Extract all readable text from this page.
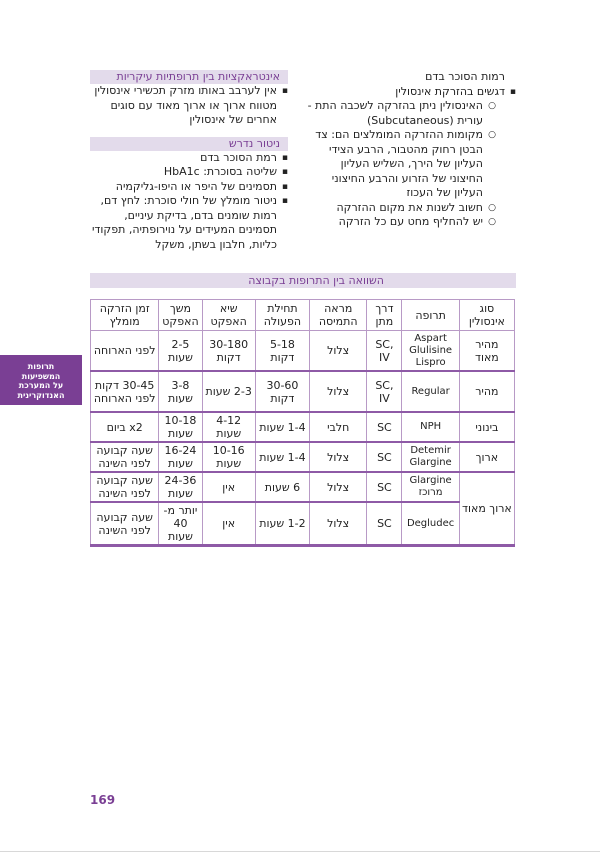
רמות הסוכר בדם
▪ דגשים בהזרקת אינסולין
○ האינסולין ניתן בהזרקה לשכבה התת - עורית (Subcutaneous)
○ מקומות ההזרקה המומלצים הם: צד הבטן רחוק מהטבור, הרבע הצידי העליון של הירך, השליש העליון החיצוני של הזרוע והרבע החיצוני העליון של העכוז
○ חשוב לשנות את מקום ההזרקה
○ יש להחליף מחט עם כל הזרקה
אינטראקציות בין תרופתיות עיקריות
▪ אין לערבב באותו מזרק תכשירי אינסולין מטווח ארוך או ארוך מאוד עם סוגים אחרים של אינסולין
ניטור נדרש
▪ רמת הסוכר בדם
▪ שליטה בסוכרת: HbA1c
▪ תסמינים של היפר או היפו-גליקמיה
▪ ניטור מומלץ של חולי סוכרת: לחץ דם, רמות שומנים בדם, בדיקת עיניים, תסמינים המעידים על נוירופתיה, תפקודי כליות, חלבון בשתן, משקל
השוואה בין התרופות בקבוצה
סוג אינסולין	תרופה	דרך מתן	מראה התמיסה	תחילת הפעולה	שיא האפקט	משך האפקט	זמן הזרקה מומלץ
מהיר מאוד	Aspart Glulisine Lispro	SC, IV	צלול	5-18 דקות	30-180 דקות	2-5 שעות	לפני הארוחה
מהיר	Regular	SC, IV	צלול	30-60 דקות	2-3 שעות	3-8 שעות	30-45 דקות לפני הארוחה
בינוני	NPH	SC	חלבי	1-4 שעות	4-12 שעות	10-18 שעות	x2 ביום
ארוך	Detemir Glargine	SC	צלול	1-4 שעות	10-16 שעות	16-24 שעות	שעה קבועה לפני השינה
ארוך מאוד	Glargine מרוכז	SC	צלול	6 שעות	אין	24-36 שעות	שעה קבועה לפני השינה
	Degludec	SC	צלול	1-2 שעות	אין	יותר מ- 40 שעות	שעה קבועה לפני השינה
תרופות
המשפיעות
על המערכת
האנדוקרינית
169
